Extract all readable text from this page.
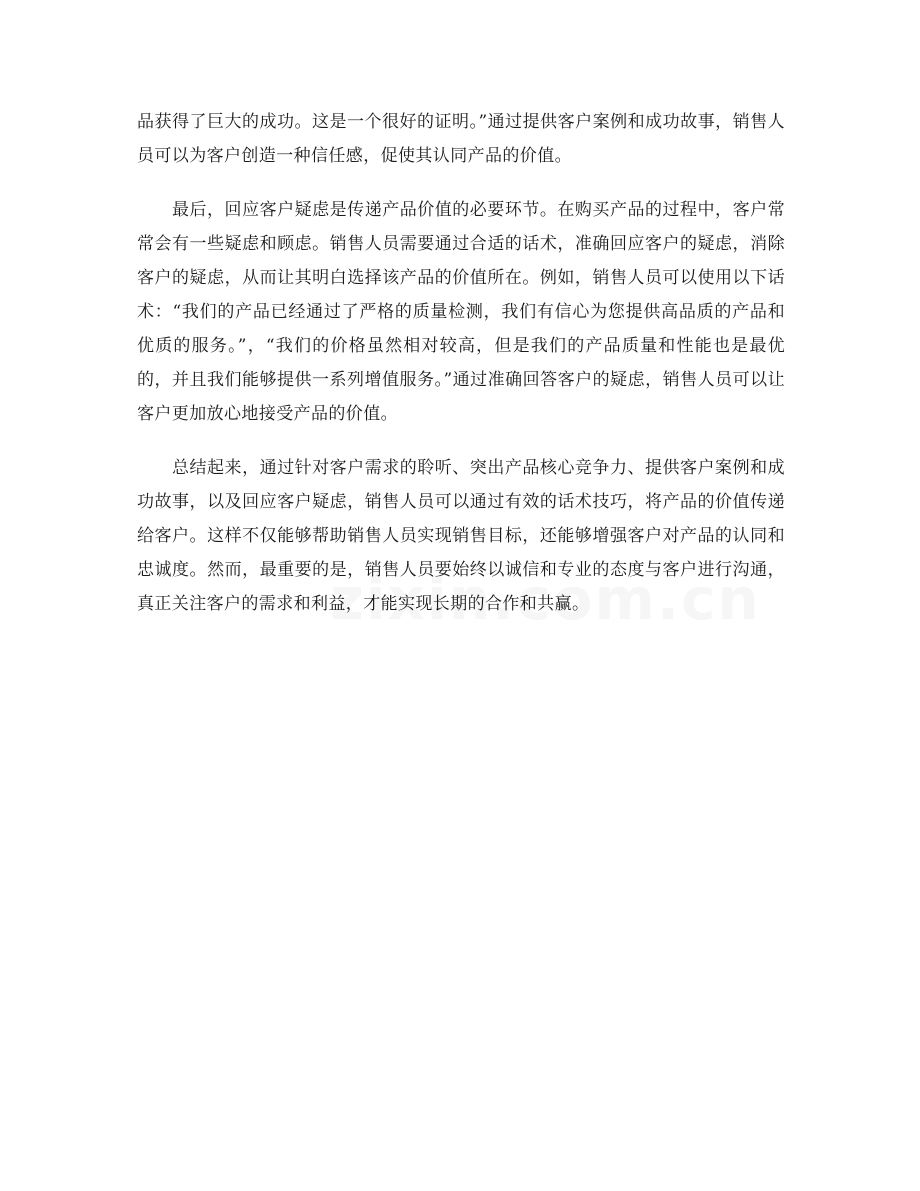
品获得了巨大的成功。这是一个很好的证明。”通过提供客户案例和成功故事，销售人员可以为客户创造一种信任感，促使其认同产品的价值。

最后，回应客户疑虑是传递产品价值的必要环节。在购买产品的过程中，客户常常会有一些疑虑和顾虑。销售人员需要通过合适的话术，准确回应客户的疑虑，消除客户的疑虑，从而让其明白选择该产品的价值所在。例如，销售人员可以使用以下话术：“我们的产品已经通过了严格的质量检测，我们有信心为您提供高品质的产品和优质的服务。”，“我们的价格虽然相对较高，但是我们的产品质量和性能也是最优的，并且我们能够提供一系列增值服务。”通过准确回答客户的疑虑，销售人员可以让客户更加放心地接受产品的价值。

总结起来，通过针对客户需求的聆听、突出产品核心竞争力、提供客户案例和成功故事，以及回应客户疑虑，销售人员可以通过有效的话术技巧，将产品的价值传递给客户。这样不仅能够帮助销售人员实现销售目标，还能够增强客户对产品的认同和忠诚度。然而，最重要的是，销售人员要始终以诚信和专业的态度与客户进行沟通，真正关注客户的需求和利益，才能实现长期的合作和共赢。
